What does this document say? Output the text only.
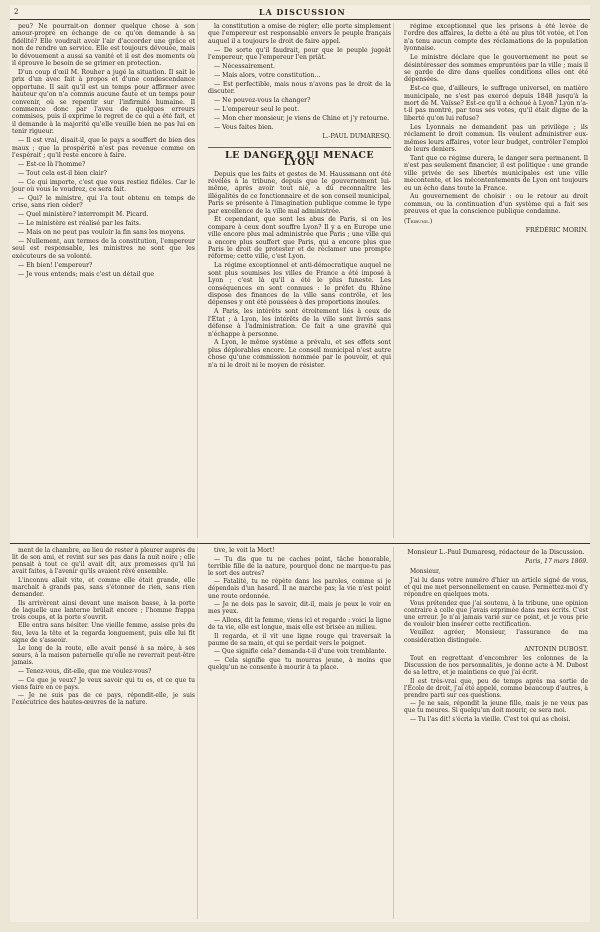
2	LA DISCUSSION

peu? Ne pourrait-on donner quelque chose à son amour-propre en échange de ce qu'on demande à sa fidélité? Elle voudrait avoir l'air d'accorder une grâce et non de rendre un service. Elle est toujours dévouée, mais le dévouement a aussi sa vanité et il est des moments où il éprouve le besoin de se grimer en protection.

D'un coup d'œil M. Rouher a jugé la situation. Il sait le prix d'un avec fait à propos et d'une condescendance opportune. Il sait qu'il est un temps pour affirmer avec hauteur qu'on n'a commis aucune faute et un temps pour convenir, où se repentir sur l'infirmité humaine. Il commence donc par l'aveu de quelques erreurs commises, puis il exprime le regret de ce qui a été fait, et il demande à la majorité qu'elle veuille bien ne pas lui en tenir rigueur.

— Il est vrai, disait-il, que le pays a souffert de bien des maux ; que la prospérité n'est pas revenue comme on l'espérait ; qu'il reste encore à faire.

— Est-ce là l'homme?

— Tout cela est-il bien clair?

— Ce qui importe, c'est que vous restiez fidèles. Car le jour où vous le voudrez, ce sera fait.

— Qui? le ministre, qui l'a tout obtenu en temps de crise, sans rien céder?

— Quel ministère? interrompit M. Picard.

— Le ministère est réalisé par les faits.

— Mais on ne peut pas vouloir la fin sans les moyens.

— Nullement, aux termes de la constitution, l'empereur seul est responsable, les ministres ne sont que les exécuteurs de sa volonté.

— Eh bien! l'empereur?

— Je vous entends; mais c'est un détail que

la constitution a omise de régler; elle porte simplement que l'empereur est responsable envers le peuple français auquel il a toujours le droit de faire appel.

— De sorte qu'il faudrait, pour que le peuple jugeât l'empereur, que l'empereur l'en priât.

— Nécessairement.

— Mais alors, votre constitution...

— Est perfectible, mais nous n'avons pas le droit de la discuter.

— Ne pouvez-vous la changer?

— L'empereur seul le peut.

— Mon cher monsieur, je viens de Chine et j'y retourne.

— Vous faites bien.

L.-PAUL DUMARESQ.
LE DANGER QUI MENACE LYON

Depuis que les faits et gestes de M. Haussmann ont été révélés à la tribune, depuis que le gouvernement lui-même, après avoir tout nié, a dû reconnaître les illégalités de ce fonctionnaire et de son conseil municipal, Paris se présente à l'imagination publique comme le type par excellence de la ville mal administrée.

Et cependant, que sont les abus de Paris, si on les compare à ceux dont souffre Lyon? Il y a en Europe une ville encore plus mal administrée que Paris ; une ville qui a encore plus souffert que Paris, qui a encore plus que Paris le droit de protester et de réclamer une prompte réforme; cette ville, c'est Lyon.

La régime exceptionnel et anti-démocratique auquel ne sont plus soumises les villes de France a été imposé à Lyon ; c'est là qu'il a été le plus funeste. Les conséquences en sont connues : le préfet du Rhône dispose des finances de la ville sans contrôle, et les dépenses y ont été poussées à des proportions inouïes.

A Paris, les intérêts sont étroitement liés à ceux de l'État ; à Lyon, les intérêts de la ville sont livrés sans défense à l'administration. Ce fait a une gravité qui n'échappe à personne.

A Lyon, le même système a prévalu, et ses effets sont plus déplorables encore. Le conseil municipal n'est autre chose qu'une commission nommée par le pouvoir, et qui n'a ni le droit ni le moyen de résister.

régime exceptionnel que les prisons à été levée de l'ordre des affaires, la dette a été au plus tôt votée, et l'on n'a tenu aucun compte des réclamations de la population lyonnaise.

Le ministre déclare que le gouvernement ne peut se désintéresser des sommes empruntées par la ville ; mais il se garde de dire dans quelles conditions elles ont été dépensées.

Est-ce que, d'ailleurs, le suffrage universel, en matière municipale, ne s'est pas exercé depuis 1848 jusqu'à la mort de M. Vaïsse? Est-ce qu'il a échoué à Lyon? Lyon n'a-t-il pas montré, par tous ses votes, qu'il était digne de la liberté qu'on lui refuse?

Les Lyonnais ne demandent pas un privilège ; ils réclament le droit commun. Ils veulent administrer eux-mêmes leurs affaires, voter leur budget, contrôler l'emploi de leurs deniers.

Tant que ce régime durera, le danger sera permanent. Il n'est pas seulement financier, il est politique : une grande ville privée de ses libertés municipales est une ville mécontente, et les mécontentements de Lyon ont toujours eu un écho dans toute la France.

Au gouvernement de choisir : ou le retour au droit commun, ou la continuation d'un système qui a fait ses preuves et que la conscience publique condamne.

(Tribune.)
FRÉDÉRIC MORIN.

ment de la chambre, au lieu de rester à pleurer auprès du lit de son ami, et revint sur ses pas dans la nuit noire ; elle pensait à tout ce qu'il avait dit, aux promesses qu'il lui avait faites, à l'avenir qu'ils avaient rêvé ensemble.

L'inconnu allait vite, et comme elle était grande, elle marchait à grands pas, sans s'étonner de rien, sans rien demander.

Ils arrivèrent ainsi devant une maison basse, à la porte de laquelle une lanterne brûlait encore ; l'homme frappa trois coups, et la porte s'ouvrit.

Elle entra sans hésiter. Une vieille femme, assise près du feu, leva la tête et la regarda longuement, puis elle lui fit signe de s'asseoir.

Le long de la route, elle avait pensé à sa mère, à ses sœurs, à la maison paternelle qu'elle ne reverrait peut-être jamais.

— Tenez-vous, dit-elle, que me voulez-vous?

— Ce que je veux? Je veux savoir qui tu es, et ce que tu viens faire en ce pays.

— Je ne suis pas de ce pays, répondit-elle, je suis l'exécutrice des hautes-œuvres de la nature.

tive, le voit la Mort!

— Tu dis que tu ne caches point, tâche honorable, terrible fille de la nature, pourquoi donc ne marque-tu pas le sort des autres?

— Fatalité, tu ne répète dans les paroles, comme si je dépendais d'un hasard. Il ne marche pas; la vie n'est point une route ordonnée.

— Je ne dois pas le savoir, dit-il, mais je peux le voir en mes yeux.

— Allons, dit la femme, viens ici et regarde : voici la ligne de ta vie, elle est longue, mais elle est brisée au milieu.

Il regarda, et il vit une ligne rouge qui traversait la paume de sa main, et qui se perdait vers le poignet.

— Que signifie cela? demanda-t-il d'une voix tremblante.

— Cela signifie que tu mourras jeune, à moins que quelqu'un ne consente à mourir à ta place.

Monsieur L.-Paul Dumaresq, rédacteur de la Discussion.
Paris, 17 mars 1869.

Monsieur,

J'ai lu dans votre numéro d'hier un article signé de vous, et qui me met personnellement en cause. Permettez-moi d'y répondre en quelques mots.

Vous prétendez que j'ai soutenu, à la tribune, une opinion contraire à celle que j'avais exprimée dans mes écrits. C'est une erreur. Je n'ai jamais varié sur ce point, et je vous prie de vouloir bien insérer cette rectification.

Veuillez agréer, Monsieur, l'assurance de ma considération distinguée.

ANTONIN DUBOST.

Tout en regrettant d'encombrer les colonnes de la Discussion de nos personnalités, je donne acte à M. Dubost de sa lettre, et je maintiens ce que j'ai écrit.

Il est très-vrai que, peu de temps après ma sortie de l'École de droit, j'ai été appelé, comme beaucoup d'autres, à prendre parti sur ces questions.

— Je ne sais, répondit la jeune fille, mais je ne veux pas que tu meures. Si quelqu'un doit mourir, ce sera moi.

— Tu l'as dit! s'écria la vieille. C'est toi qui as choisi.
